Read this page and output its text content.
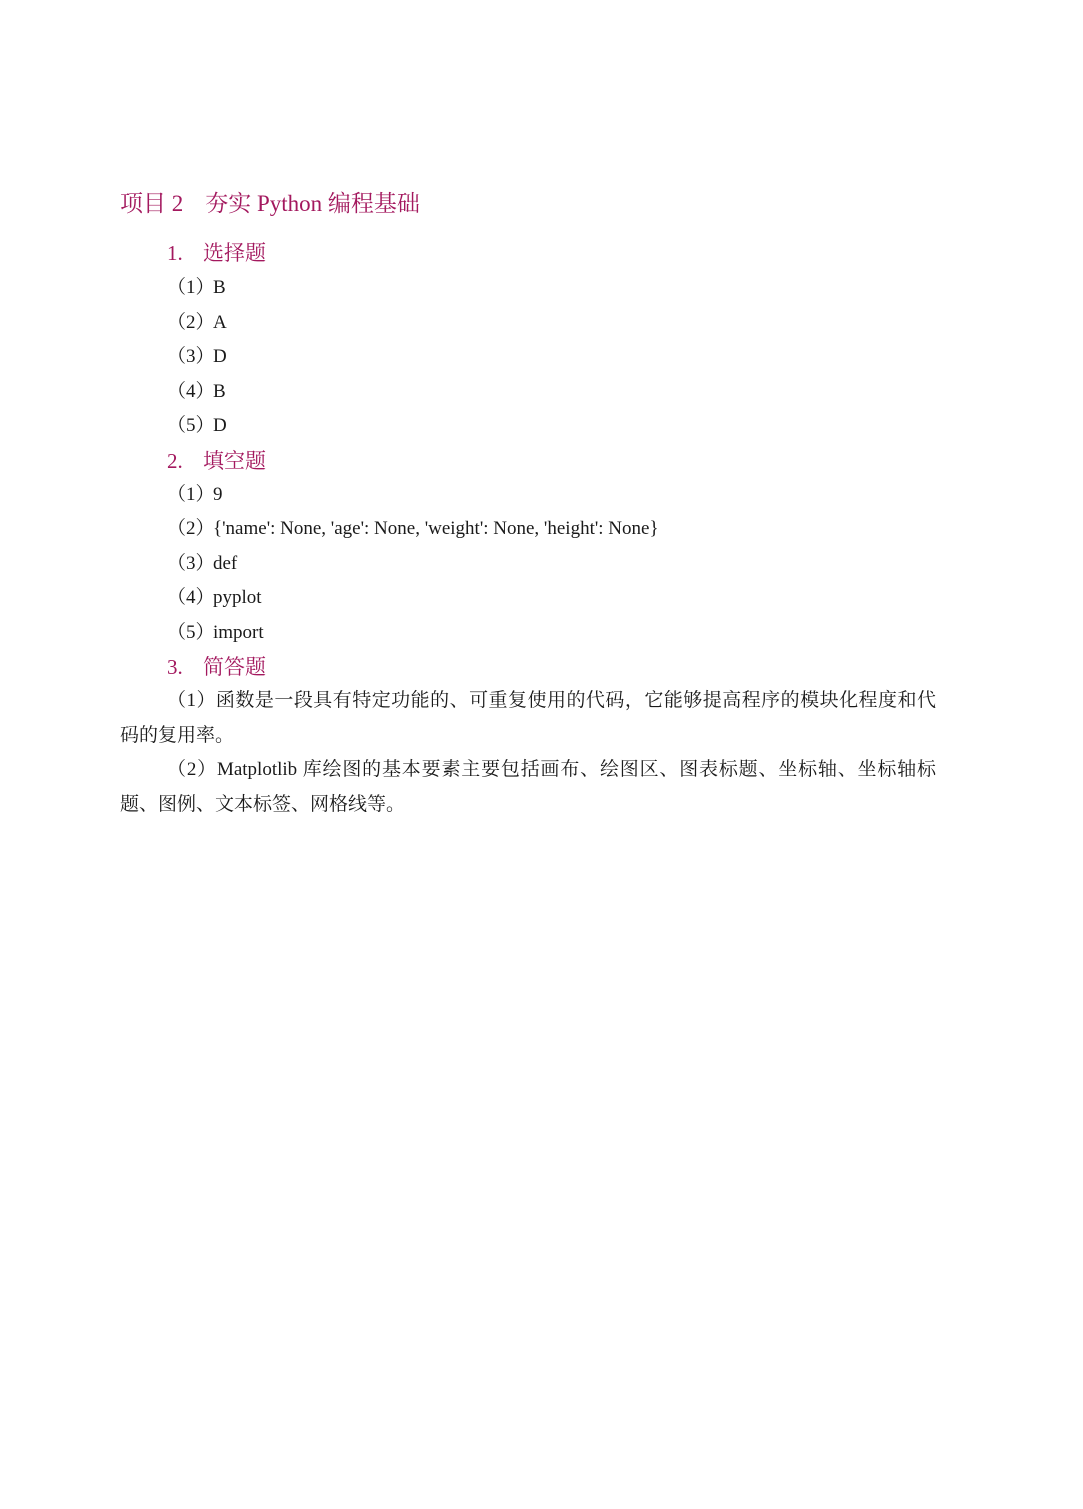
项目 2 夯实 Python 编程基础
1. 选择题
（1）B
（2）A
（3）D
（4）B
（5）D
2. 填空题
（1）9
（2）{'name': None, 'age': None, 'weight': None, 'height': None}
（3）def
（4）pyplot
（5）import
3. 简答题
（1）函数是一段具有特定功能的、可重复使用的代码，它能够提高程序的模块化程度和代码的复用率。
（2）Matplotlib 库绘图的基本要素主要包括画布、绘图区、图表标题、坐标轴、坐标轴标题、图例、文本标签、网格线等。
